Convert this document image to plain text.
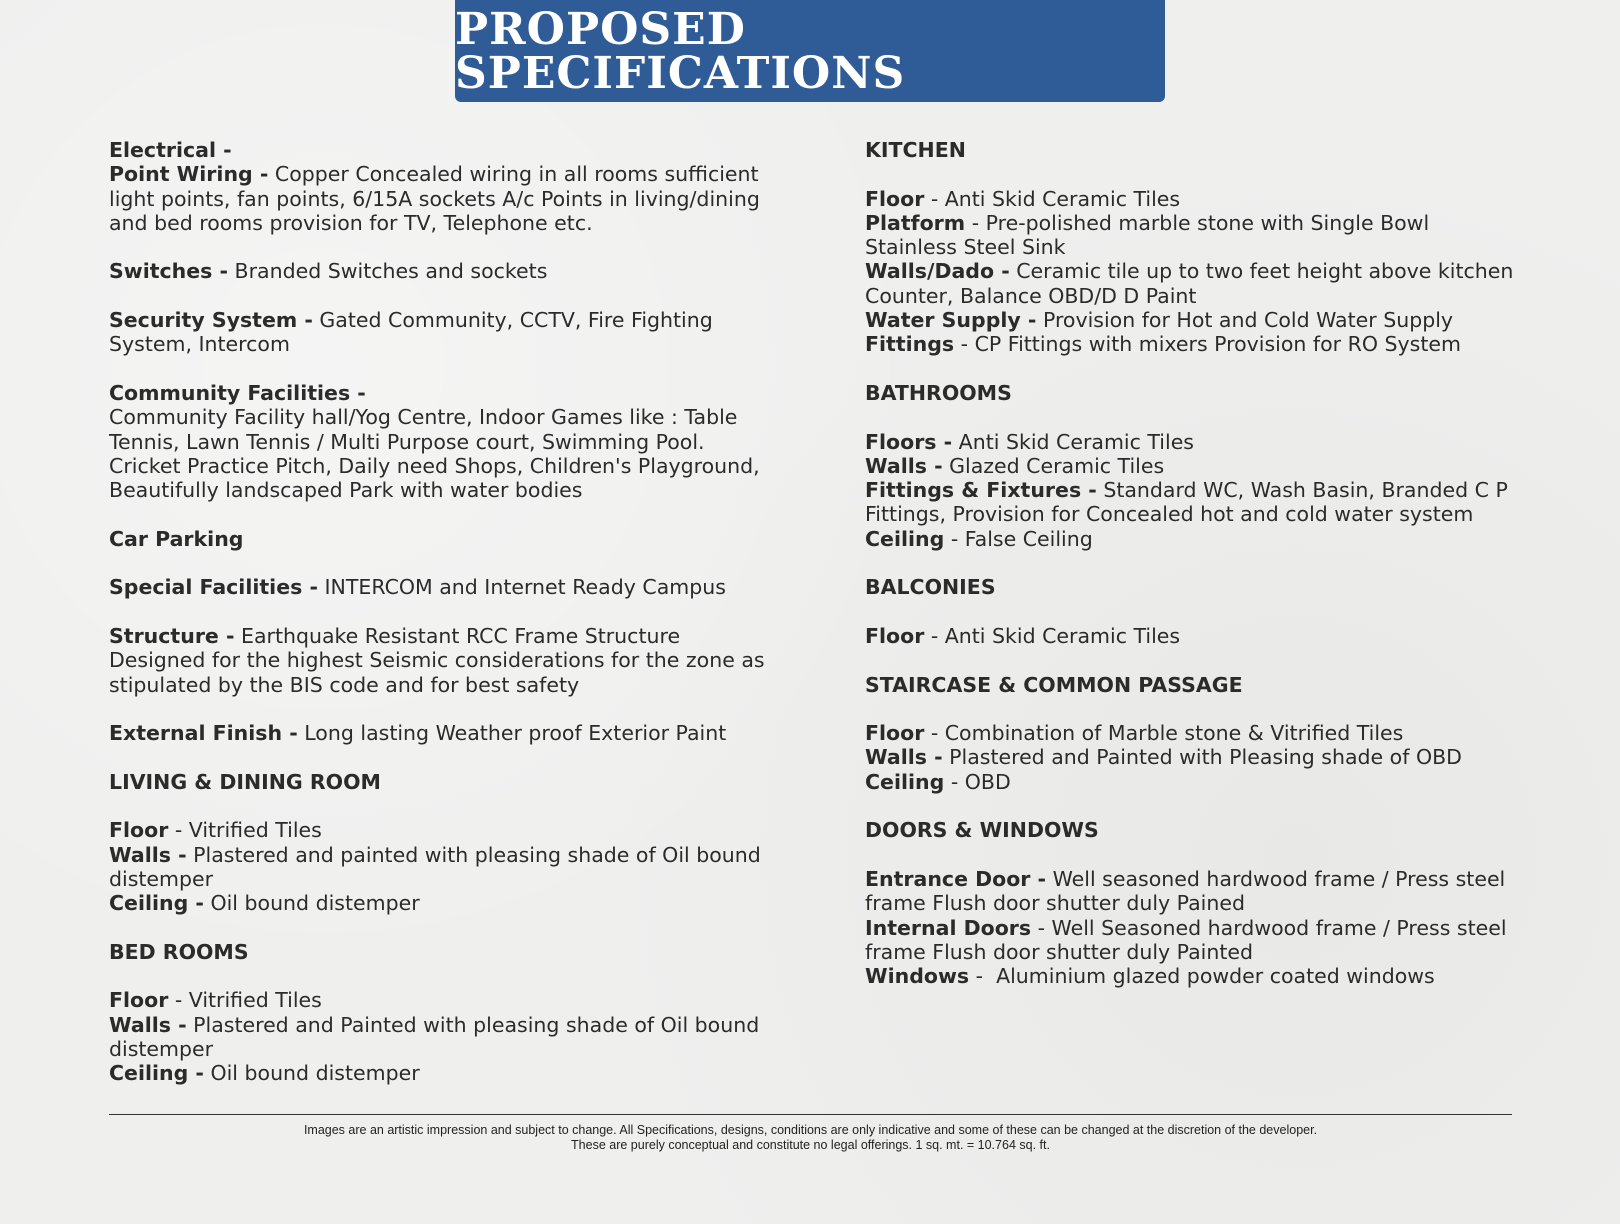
PROPOSED SPECIFICATIONS
Electrical -
Point Wiring - Copper Concealed wiring in all rooms sufficient light points, fan points, 6/15A sockets A/c Points in living/dining and bed rooms provision for TV, Telephone etc.
Switches - Branded Switches and sockets
Security System - Gated Community, CCTV, Fire Fighting System, Intercom
Community Facilities -
Community Facility hall/Yog Centre, Indoor Games like : Table Tennis, Lawn Tennis / Multi Purpose court, Swimming Pool. Cricket Practice Pitch, Daily need Shops, Children's Playground, Beautifully landscaped Park with water bodies
Car Parking
Special Facilities - INTERCOM and Internet Ready Campus
Structure - Earthquake Resistant RCC Frame Structure Designed for the highest Seismic considerations for the zone as stipulated by the BIS code and for best safety
External Finish - Long lasting Weather proof Exterior Paint
LIVING & DINING ROOM
Floor - Vitrified Tiles
Walls - Plastered and painted with pleasing shade of Oil bound distemper
Ceiling - Oil bound distemper
BED ROOMS
Floor - Vitrified Tiles
Walls - Plastered and Painted with pleasing shade of Oil bound distemper
Ceiling - Oil bound distemper
KITCHEN
Floor - Anti Skid Ceramic Tiles
Platform - Pre-polished marble stone with Single Bowl Stainless Steel Sink
Walls/Dado - Ceramic tile up to two feet height above kitchen Counter, Balance OBD/D D Paint
Water Supply - Provision for Hot and Cold Water Supply
Fittings - CP Fittings with mixers Provision for RO System
BATHROOMS
Floors - Anti Skid Ceramic Tiles
Walls - Glazed Ceramic Tiles
Fittings & Fixtures - Standard WC, Wash Basin, Branded C P Fittings, Provision for Concealed hot and cold water system
Ceiling - False Ceiling
BALCONIES
Floor - Anti Skid Ceramic Tiles
STAIRCASE & COMMON PASSAGE
Floor - Combination of Marble stone & Vitrified Tiles
Walls - Plastered and Painted with Pleasing shade of OBD
Ceiling - OBD
DOORS & WINDOWS
Entrance Door - Well seasoned hardwood frame / Press steel frame Flush door shutter duly Pained
Internal Doors - Well Seasoned hardwood frame / Press steel frame Flush door shutter duly Painted
Windows -  Aluminium glazed powder coated windows
Images are an artistic impression and subject to change. All Specifications, designs, conditions are only indicative and some of these can be changed at the discretion of the developer.
These are purely conceptual and constitute no legal offerings. 1 sq. mt. = 10.764 sq. ft.
